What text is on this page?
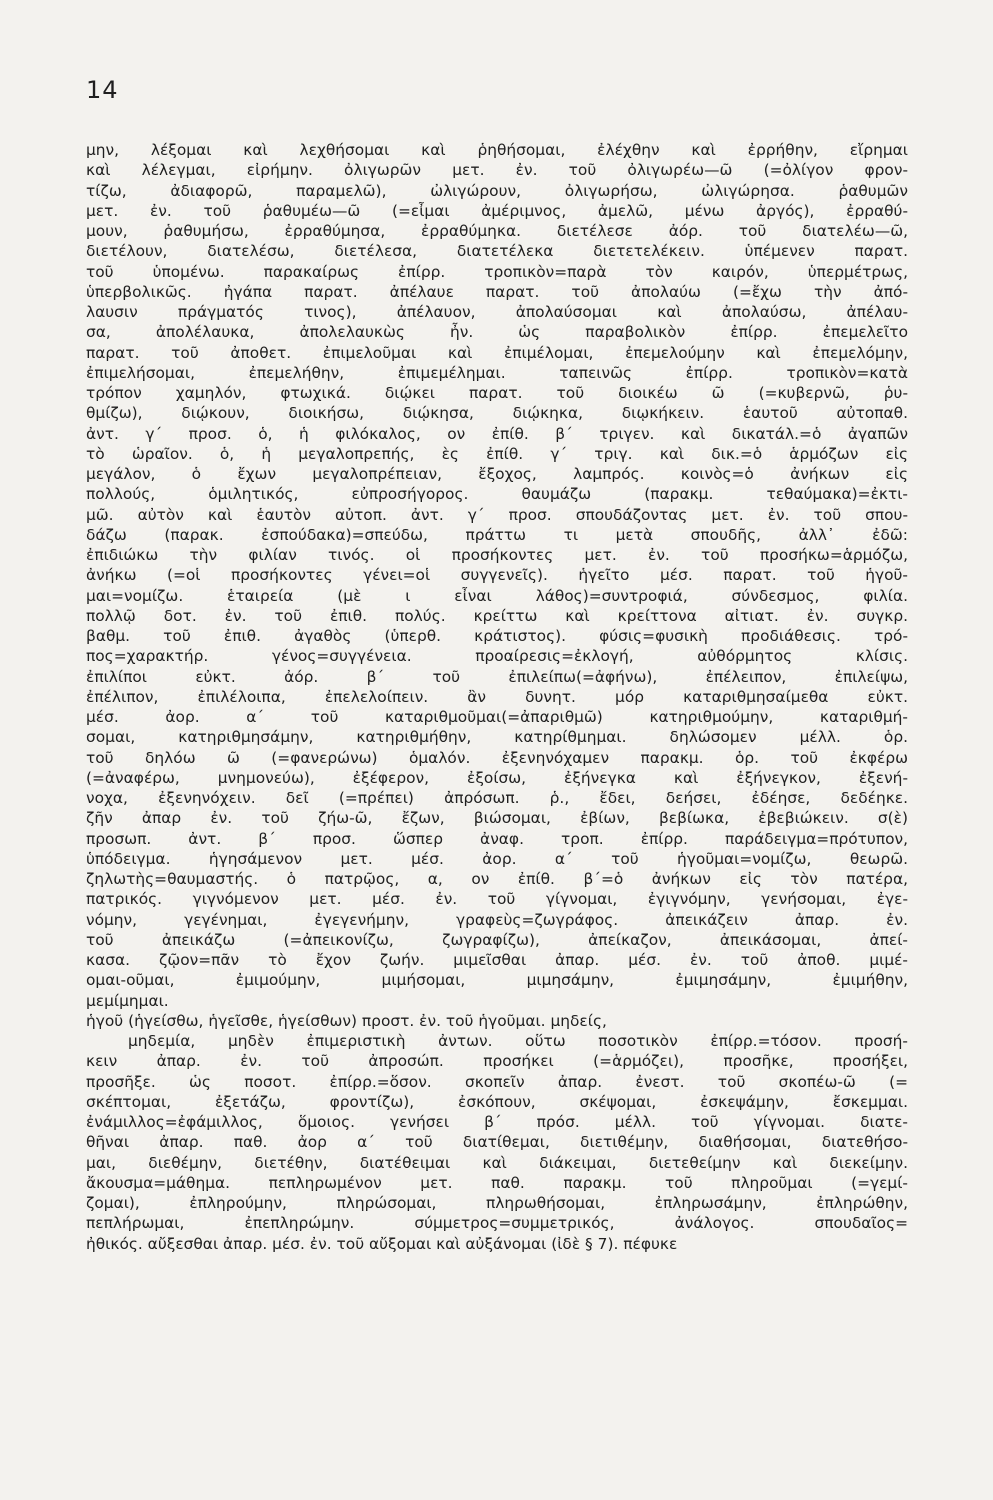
14
μην, λέξομαι καὶ λεχθήσομαι καὶ ῥηθήσομαι, ἐλέχθην καὶ ἐρρήθην, εἴρημαι
καὶ λέλεγμαι, εἰρήμην. ὀλιγωρῶν μετ. ἐν. τοῦ ὀλιγωρέω—ῶ (=ὀλίγον φρον-
τίζω, ἀδιαφορῶ, παραμελῶ), ὠλιγώρουν, ὀλιγωρήσω, ὠλιγώρησα. ῥαθυμῶν
μετ. ἐν. τοῦ ῥαθυμέω—ῶ (=εἶμαι ἀμέριμνος, ἀμελῶ, μένω ἀργός), ἐρραθύ-
μουν, ῥαθυμήσω, ἐρραθύμησα, ἐρραθύμηκα. διετέλεσε ἀόρ. τοῦ διατελέω—ῶ,
διετέλουν, διατελέσω, διετέλεσα, διατετέλεκα διετετελέκειν. ὑπέμενεν παρατ.
τοῦ ὑπομένω. παρακαίρως ἐπίρρ. τροπικὸν=παρὰ τὸν καιρόν, ὑπερμέτρως,
ὑπερβολικῶς. ἠγάπα παρατ. ἀπέλαυε παρατ. τοῦ ἀπολαύω (=ἔχω τὴν ἀπό-
λαυσιν πράγματός τινος), ἀπέλαυον, ἀπολαύσομαι καὶ ἀπολαύσω, ἀπέλαυ-
σα, ἀπολέλαυκα, ἀπολελαυκὼς ἦν. ὡς παραβολικὸν ἐπίρρ. ἐπεμελεῖτο
παρατ. τοῦ ἀποθετ. ἐπιμελοῦμαι καὶ ἐπιμέλομαι, ἐπεμελούμην καὶ ἐπεμελόμην,
ἐπιμελήσομαι, ἐπεμελήθην, ἐπιμεμέλημαι. ταπεινῶς ἐπίρρ. τροπικὸν=κατὰ
τρόπον χαμηλόν, φτωχικά. διῴκει παρατ. τοῦ διοικέω ῶ (=κυβερνῶ, ῥυ-
θμίζω), διῴκουν, διοικήσω, διῴκησα, διῴκηκα, διῳκήκειν. ἑαυτοῦ αὐτοπαθ.
ἀντ. γ΄ προσ. ὁ, ἡ φιλόκαλος, ον ἐπίθ. β΄ τριγεν. καὶ δικατάλ.=ὁ ἀγαπῶν
τὸ ὡραῖον. ὁ, ἡ μεγαλοπρεπής, ὲς ἐπίθ. γ΄ τριγ. καὶ δικ.=ὁ ἁρμόζων εἰς
μεγάλον, ὁ ἔχων μεγαλοπρέπειαν, ἔξοχος, λαμπρός. κοινὸς=ὁ ἀνήκων εἰς
πολλούς, ὁμιλητικός, εὐπροσήγορος. θαυμάζω (παρακμ. τεθαύμακα)=ἐκτι-
μῶ. αὐτὸν καὶ ἑαυτὸν αὐτοπ. ἀντ. γ΄ προσ. σπουδάζοντας μετ. ἐν. τοῦ σπου-
δάζω (παρακ. ἐσπούδακα)=σπεύδω, πράττω τι μετὰ σπουδῆς, ἀλλ᾽ ἐδῶ:
ἐπιδιώκω τὴν φιλίαν τινός. οἱ προσήκοντες μετ. ἐν. τοῦ προσήκω=ἁρμόζω,
ἀνήκω (=οἱ προσήκοντες γένει=οἱ συγγενεῖς). ἡγεῖτο μέσ. παρατ. τοῦ ἡγοῦ-
μαι=νομίζω. ἑταιρεία (μὲ ι εἶναι λάθος)=συντροφιά, σύνδεσμος, φιλία.
πολλῷ δοτ. ἐν. τοῦ ἐπιθ. πολύς. κρείττω καὶ κρείττονα αἰτιατ. ἐν. συγκρ.
βαθμ. τοῦ ἐπιθ. ἀγαθὸς (ὑπερθ. κράτιστος). φύσις=φυσικὴ προδιάθεσις. τρό-
πος=χαρακτήρ. γένος=συγγένεια. προαίρεσις=ἐκλογή, αὐθόρμητος κλίσις.
ἐπιλίποι εὐκτ. ἀόρ. β΄ τοῦ ἐπιλείπω(=ἀφήνω), ἐπέλειπον, ἐπιλείψω,
ἐπέλιπον, ἐπιλέλοιπα, ἐπελελοίπειν. ἂν δυνητ. μόρ καταριθμησαίμεθα εὐκτ.
μέσ. ἀορ. α΄ τοῦ καταριθμοῦμαι(=ἀπαριθμῶ) κατηριθμούμην, καταριθμή-
σομαι, κατηριθμησάμην, κατηριθμήθην, κατηρίθμημαι. δηλώσομεν μέλλ. ὁρ.
τοῦ δηλόω ῶ (=φανερώνω) ὁμαλόν. ἐξενηνόχαμεν παρακμ. ὁρ. τοῦ ἐκφέρω
(=ἀναφέρω, μνημονεύω), ἐξέφερον, ἐξοίσω, ἐξήνεγκα καὶ ἐξήνεγκον, ἐξενή-
νοχα, ἐξενηνόχειν. δεῖ (=πρέπει) ἀπρόσωπ. ῥ., ἔδει, δεήσει, ἐδέησε, δεδέηκε.
ζῆν ἀπαρ ἐν. τοῦ ζήω-ῶ, ἔζων, βιώσομαι, ἐβίων, βεβίωκα, ἐβεβιώκειν. σ(ὲ)
προσωπ. ἀντ. β΄ προσ. ὥσπερ ἀναφ. τροπ. ἐπίρρ. παράδειγμα=πρότυπον,
ὑπόδειγμα. ἡγησάμενον μετ. μέσ. ἀορ. α΄ τοῦ ἡγοῦμαι=νομίζω, θεωρῶ.
ζηλωτὴς=θαυμαστής. ὁ πατρῷος, α, ον ἐπίθ. β΄=ὁ ἀνήκων εἰς τὸν πατέρα,
πατρικός. γιγνόμενον μετ. μέσ. ἐν. τοῦ γίγνομαι, ἐγιγνόμην, γενήσομαι, ἐγε-
νόμην, γεγένημαι, ἐγεγενήμην, γραφεὺς=ζωγράφος. ἀπεικάζειν ἀπαρ. ἐν.
τοῦ ἀπεικάζω (=ἀπεικονίζω, ζωγραφίζω), ἀπείκαζον, ἀπεικάσομαι, ἀπεί-
κασα. ζῷον=πᾶν τὸ ἔχον ζωήν. μιμεῖσθαι ἀπαρ. μέσ. ἐν. τοῦ ἀποθ. μιμέ-
ομαι-οῦμαι, ἐμιμούμην, μιμήσομαι, μιμησάμην, ἐμιμησάμην, ἐμιμήθην,
μεμίμημαι.
ἡγοῦ (ἡγείσθω, ἡγεῖσθε, ἡγείσθων) προστ. ἐν. τοῦ ἡγοῦμαι. μηδείς,
μηδεμία, μηδὲν ἐπιμεριστικὴ ἀντων. οὕτω ποσοτικὸν ἐπίρρ.=τόσον. προσή-
κειν ἀπαρ. ἐν. τοῦ ἀπροσώπ. προσήκει (=ἁρμόζει), προσῆκε, προσήξει,
προσῆξε. ὡς ποσοτ. ἐπίρρ.=ὅσον. σκοπεῖν ἀπαρ. ἐνεστ. τοῦ σκοπέω-ῶ (=
σκέπτομαι, ἐξετάζω, φροντίζω), ἐσκόπουν, σκέψομαι, ἐσκεψάμην, ἔσκεμμαι.
ἐνάμιλλος=ἐφάμιλλος, ὅμοιος. γενήσει β΄ πρόσ. μέλλ. τοῦ γίγνομαι. διατε-
θῆναι ἀπαρ. παθ. ἀορ α΄ τοῦ διατίθεμαι, διετιθέμην, διαθήσομαι, διατεθήσο-
μαι, διεθέμην, διετέθην, διατέθειμαι καὶ διάκειμαι, διετεθείμην καὶ διεκείμην.
ἄκουσμα=μάθημα. πεπληρωμένον μετ. παθ. παρακμ. τοῦ πληροῦμαι (=γεμί-
ζομαι), ἐπληρούμην, πληρώσομαι, πληρωθήσομαι, ἐπληρωσάμην, ἐπληρώθην,
πεπλήρωμαι, ἐπεπληρώμην. σύμμετρος=συμμετρικός, ἀνάλογος. σπουδαῖος=
ἠθικός. αὔξεσθαι ἀπαρ. μέσ. ἐν. τοῦ αὔξομαι καὶ αὐξάνομαι (ἰδὲ § 7). πέφυκε
